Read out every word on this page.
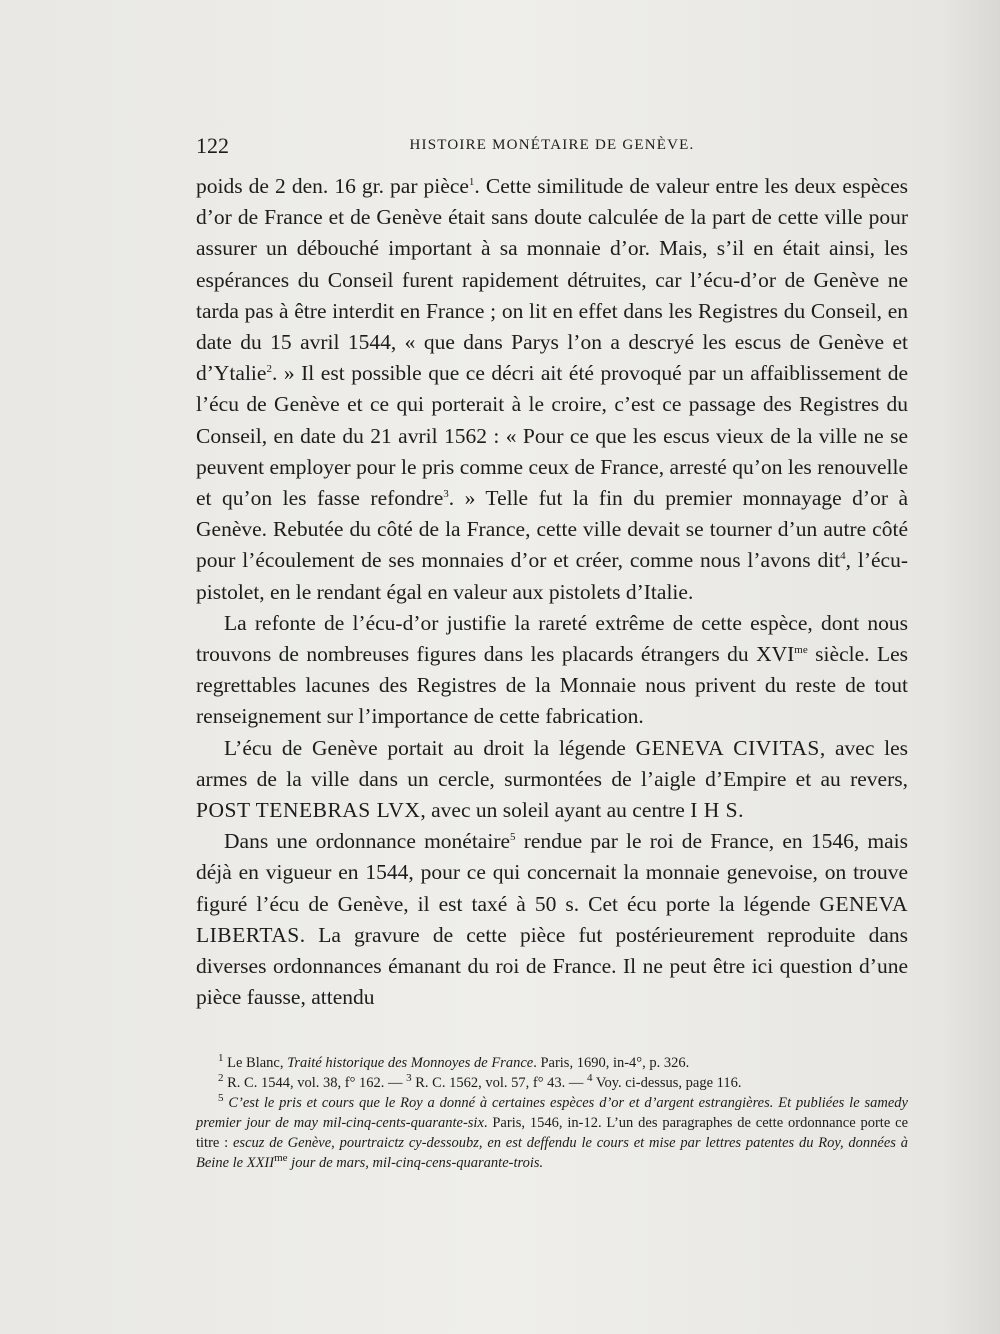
122	HISTOIRE MONÉTAIRE DE GENÈVE.

poids de 2 den. 16 gr. par pièce$^1$. Cette similitude de valeur entre les deux espèces d’or de France et de Genève était sans doute calculée de la part de cette ville pour assurer un débouché important à sa monnaie d’or. Mais, s’il en était ainsi, les espérances du Conseil furent rapidement détruites, car l’écu-d’or de Genève ne tarda pas à être interdit en France ; on lit en effet dans les Registres du Conseil, en date du 15 avril 1544, « que dans Parys l’on a descryé les escus de Genève et d’Ytalie$^2$. » Il est possible que ce décri ait été provoqué par un affaiblissement de l’écu de Genève et ce qui porterait à le croire, c’est ce passage des Registres du Conseil, en date du 21 avril 1562 : « Pour ce que les escus vieux de la ville ne se peuvent employer pour le pris comme ceux de France, arresté qu’on les renouvelle et qu’on les fasse refondre$^3$. » Telle fut la fin du premier monnayage d’or à Genève. Rebutée du côté de la France, cette ville devait se tourner d’un autre côté pour l’écoulement de ses monnaies d’or et créer, comme nous l’avons dit$^4$, l’écu-pistolet, en le rendant égal en valeur aux pistolets d’Italie.

La refonte de l’écu-d’or justifie la rareté extrême de cette espèce, dont nous trouvons de nombreuses figures dans les placards étrangers du $XVI^{me}$ siècle. Les regrettables lacunes des Registres de la Monnaie nous privent du reste de tout renseignement sur l’importance de cette fabrication.

L’écu de Genève portait au droit la légende GENEVA CIVITAS, avec les armes de la ville dans un cercle, surmontées de l’aigle d’Empire et au revers, POST TENEBRAS LVX, avec un soleil ayant au centre I H S.

Dans une ordonnance monétaire$^5$ rendue par le roi de France, en 1546, mais déjà en vigueur en 1544, pour ce qui concernait la monnaie genevoise, on trouve figuré l’écu de Genève, il est taxé à 50 s. Cet écu porte la légende GENEVA LIBERTAS. La gravure de cette pièce fut postérieurement reproduite dans diverses ordonnances émanant du roi de France. Il ne peut être ici question d’une pièce fausse, attendu

$^1$ Le Blanc, Traité historique des Monnoyes de France. Paris, 1690, in-4°, p. 326.

$^2$ R. C. 1544, vol. 38, f° 162. — $^3$ R. C. 1562, vol. 57, f° 43. — $^4$ Voy. ci-dessus, page 116.

$^5$ C’est le pris et cours que le Roy a donné à certaines espèces d’or et d’argent estrangières. Et publiées le samedy premier jour de may mil-cinq-cents-quarante-six. Paris, 1546, in-12. L’un des paragraphes de cette ordonnance porte ce titre : escuz de Genève, pourtraictz cy-dessoubz, en est deffendu le cours et mise par lettres patentes du Roy, données à Beine le $XXII^{me}$ jour de mars, mil-cinq-cens-quarante-trois.
